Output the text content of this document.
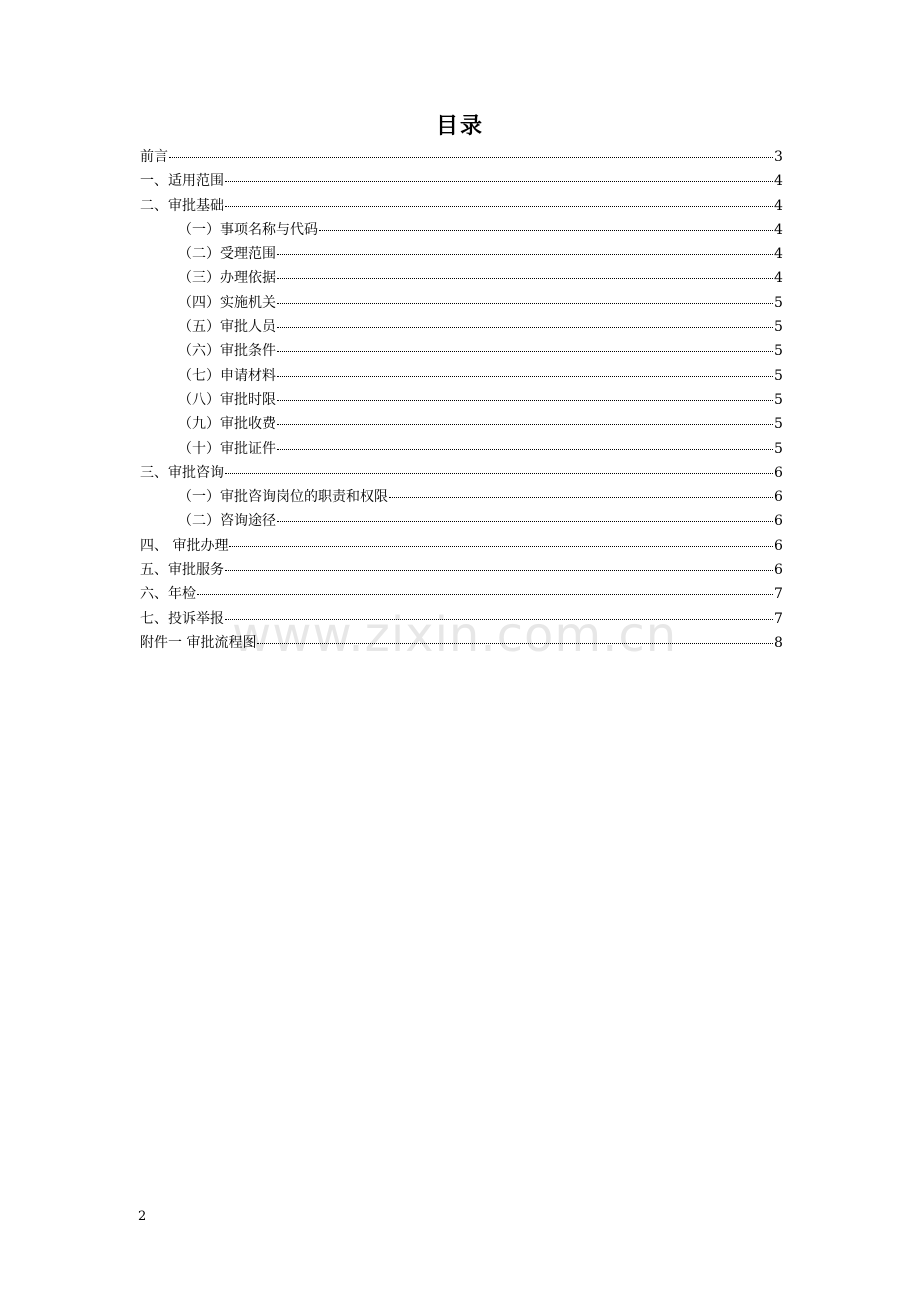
目录
前言	3
一、适用范围	4
二、审批基础	4
（一）事项名称与代码	4
（二）受理范围	4
（三）办理依据	4
（四）实施机关	5
（五）审批人员	5
（六）审批条件	5
（七）申请材料	5
（八）审批时限	5
（九）审批收费	5
（十）审批证件	5
三、审批咨询	6
（一）审批咨询岗位的职责和权限	6
（二）咨询途径	6
四、 审批办理	6
五、审批服务	6
六、年检	7
七、投诉举报	7
附件一 审批流程图	8
www.zixin.com.cn
2
